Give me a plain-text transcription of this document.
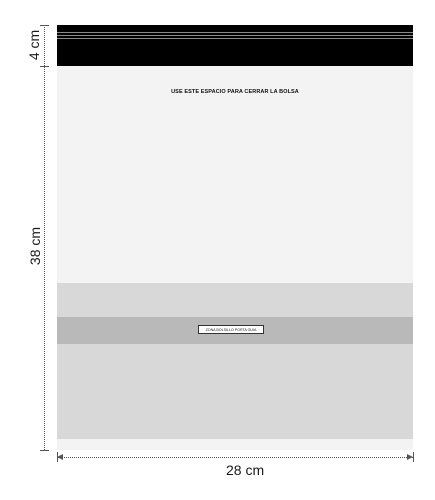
USE ESTE ESPACIO PARA CERRAR LA BOLSA
ZONA BOLSILLO PORTA GUIA
4 cm
38 cm
28 cm
